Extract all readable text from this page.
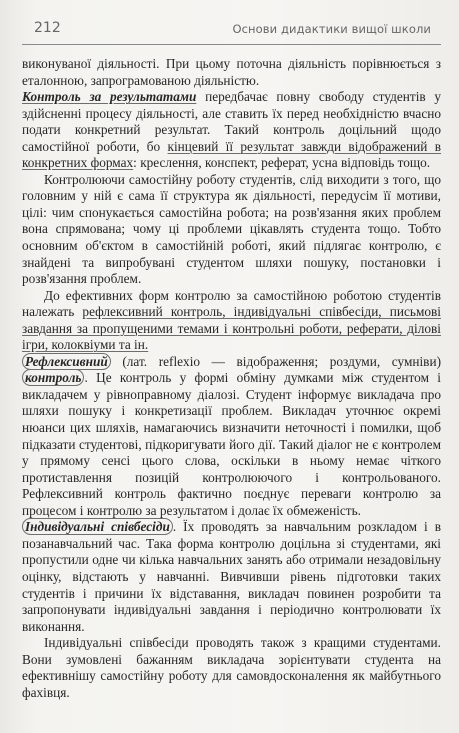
212	Основи дидактики вищої школи

виконуваної діяльності. При цьому поточна діяльність порівнюється з еталонною, запрограмованою діяльністю.

Контроль за результатами передбачає повну свободу студентів у здійсненні процесу діяльності, але ставить їх перед необхідністю вчасно подати конкретний результат. Такий контроль доцільний щодо самостійної роботи, бо кінцевий її результат завжди відображений в конкретних формах: креслення, конспект, реферат, усна відповідь тощо.

Контролюючи самостійну роботу студентів, слід виходити з того, що головним у ній є сама її структура як діяльності, передусім її мотиви, цілі: чим спонукається самостійна робота; на розв'язання яких проблем вона спрямована; чому ці проблеми цікавлять студента тощо. Тобто основним об'єктом в самостійній роботі, який підлягає контролю, є знайдені та випробувані студентом шляхи пошуку, постановки і розв'язання проблем.

До ефективних форм контролю за самостійною роботою студентів належать рефлексивний контроль, індивідуальні співбесіди, письмові завдання за пропущеними темами і контрольні роботи, реферати, ділові ігри, колоквіуми та ін.

Рефлексивний (лат. reflexio — відображення; роздуми, сумніви) контроль . Це контроль у формі обміну думками між студентом і викладачем у рівноправному діалозі. Студент інформує викладача про шляхи пошуку і конкретизації проблем. Викладач уточнює окремі нюанси цих шляхів, намагаючись визначити неточності і помилки, щоб підказати студентові, підкоригувати його дії. Такий діалог не є контролем у прямому сенсі цього слова, оскільки в ньому немає чіткого протиставлення позицій контролюючого і контрольованого. Рефлексивний контроль фактично поєднує переваги контролю за процесом і контролю за результатом і долає їх обмеженість.

Індивідуальні співбесіди . Їх проводять за навчальним розкладом і в позанавчальний час. Така форма контролю доцільна зі студентами, які пропустили одне чи кілька навчальних занять або отримали незадовільну оцінку, відстають у навчанні. Вивчивши рівень підготовки таких студентів і причини їх відставання, викладач повинен розробити та запропонувати індивідуальні завдання і періодично контролювати їх виконання.

Індивідуальні співбесіди проводять також з кращими студентами. Вони зумовлені бажанням викладача зорієнтувати студента на ефективнішу самостійну роботу для самовдосконалення як майбутнього фахівця.
